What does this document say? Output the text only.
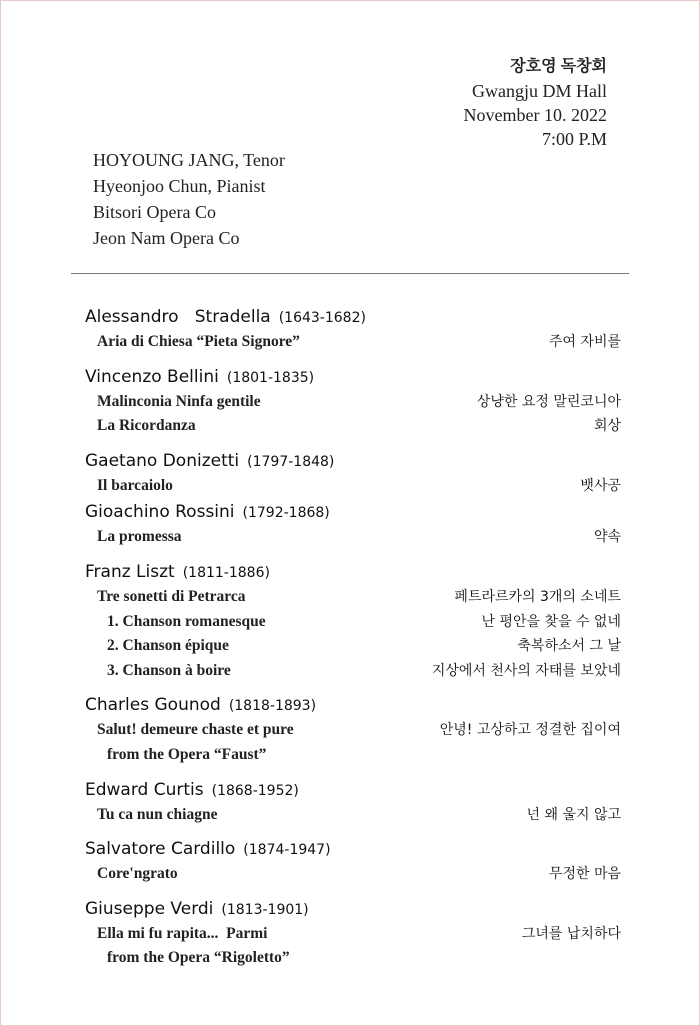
장호영 독창회
Gwangju DM Hall
November 10. 2022
7:00 P.M
HOYOUNG JANG, Tenor
Hyeonjoo Chun, Pianist
Bitsori Opera Co
Jeon Nam Opera Co
Alessandro   Stradella (1643-1682)
Aria di Chiesa “Pieta Signore”	주여 자비를
Vincenzo Bellini (1801-1835)
Malinconia Ninfa gentile	상냥한 요정 말린코니아
La Ricordanza	회상
Gaetano Donizetti (1797-1848)
Il barcaiolo	뱃사공
Gioachino Rossini (1792-1868)
La promessa	약속
Franz Liszt (1811-1886)
Tre sonetti di Petrarca	페트라르카의 3개의 소네트
1. Chanson romanesque	난 평안을 찾을 수 없네
2. Chanson épique	축복하소서 그 날
3. Chanson à boire	지상에서 천사의 자태를 보았네
Charles Gounod (1818-1893)
Salut! demeure chaste et pure	안녕! 고상하고 정결한 집이여
from the Opera “Faust”
Edward Curtis (1868-1952)
Tu ca nun chiagne	넌 왜 울지 않고
Salvatore Cardillo (1874-1947)
Core'ngrato	무정한 마음
Giuseppe Verdi (1813-1901)
Ella mi fu rapita...  Parmi	그녀를 납치하다
from the Opera “Rigoletto”
